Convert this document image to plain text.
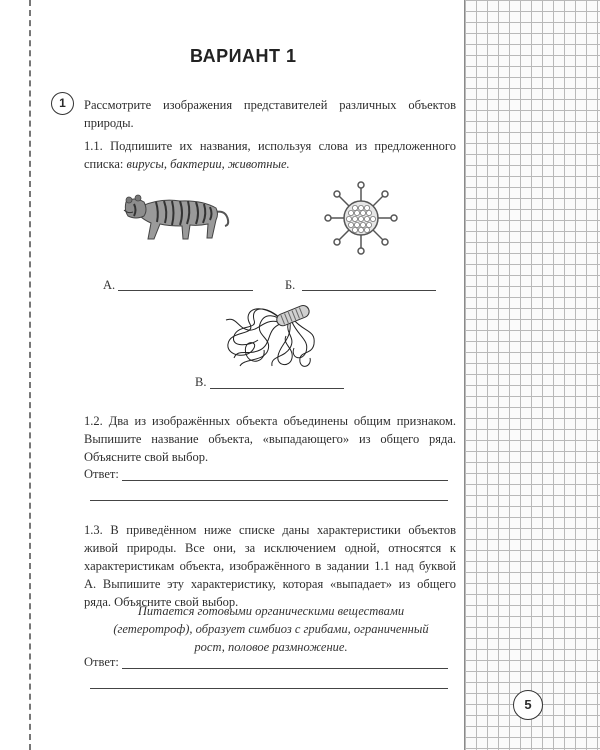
ВАРИАНТ 1
1	Рассмотрите изображения представителей различных объектов природы.
1.1. Подпишите их названия, используя слова из предложенного списка: вирусы, бактерии, животные.
А.	Б.
В.
1.2. Два из изображённых объекта объединены общим признаком. Выпишите название объекта, «выпадающего» из общего ряда. Объясните свой выбор.
Ответ:
1.3. В приведённом ниже списке даны характеристики объектов живой природы. Все они, за исключением одной, относятся к характеристикам объекта, изображённого в задании 1.1 над буквой А. Выпишите эту характеристику, которая «выпадает» из общего ряда. Объясните свой выбор.
Питается готовыми органическими веществами (гетеротроф), образует симбиоз с грибами, ограниченный рост, половое размножение.
Ответ:
5
